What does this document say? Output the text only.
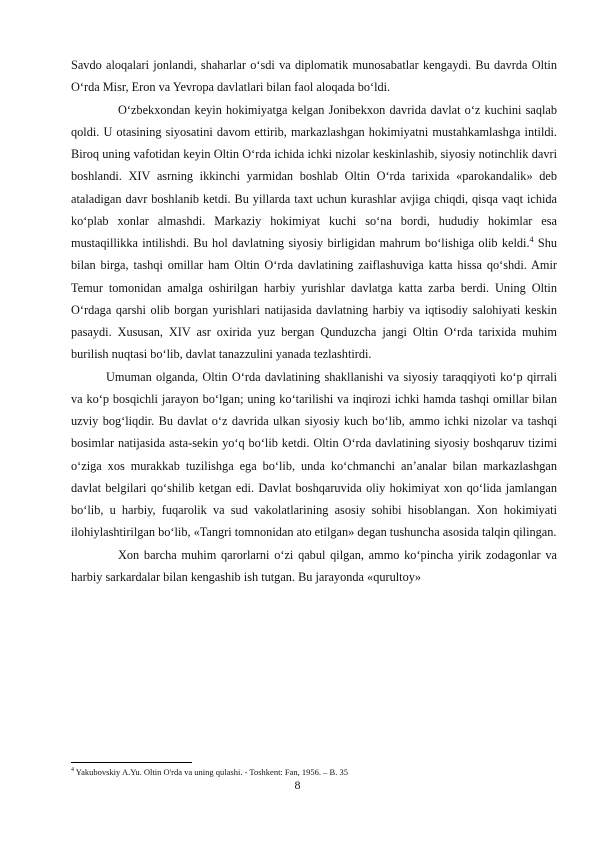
Savdo aloqalari jonlandi, shaharlar o‘sdi va diplomatik munosabatlar kengaydi. Bu davrda Oltin O‘rda Misr, Eron va Yevropa davlatlari bilan faol aloqada bo‘ldi.

O‘zbekxondan keyin hokimiyatga kelgan Jonibekxon davrida davlat o‘z kuchini saqlab qoldi. U otasining siyosatini davom ettirib, markazlashgan hokimiyatni mustahkamlashga intildi. Biroq uning vafotidan keyin Oltin O‘rda ichida ichki nizolar keskinlashib, siyosiy notinchlik davri boshlandi. XIV asrning ikkinchi yarmidan boshlab Oltin O‘rda tarixida «parokandalik» deb ataladigan davr boshlanib ketdi. Bu yillarda taxt uchun kurashlar avjiga chiqdi, qisqa vaqt ichida ko‘plab xonlar almashdi. Markaziy hokimiyat kuchi so‘na bordi, hududiy hokimlar esa mustaqillikka intilishdi. Bu hol davlatning siyosiy birligidan mahrum bo‘lishiga olib keldi.$^4$ Shu bilan birga, tashqi omillar ham Oltin O‘rda davlatining zaiflashuviga katta hissa qo‘shdi. Amir Temur tomonidan amalga oshirilgan harbiy yurishlar davlatga katta zarba berdi. Uning Oltin O‘rdaga qarshi olib borgan yurishlari natijasida davlatning harbiy va iqtisodiy salohiyati keskin pasaydi. Xususan, XIV asr oxirida yuz bergan Qunduzcha jangi Oltin O‘rda tarixida muhim burilish nuqtasi bo‘lib, davlat tanazzulini yanada tezlashtirdi.

Umuman olganda, Oltin O‘rda davlatining shakllanishi va siyosiy taraqqiyoti ko‘p qirrali va ko‘p bosqichli jarayon bo‘lgan; uning ko‘tarilishi va inqirozi ichki hamda tashqi omillar bilan uzviy bog‘liqdir. Bu davlat o‘z davrida ulkan siyosiy kuch bo‘lib, ammo ichki nizolar va tashqi bosimlar natijasida asta-sekin yo‘q bo‘lib ketdi. Oltin O‘rda davlatining siyosiy boshqaruv tizimi o‘ziga xos murakkab tuzilishga ega bo‘lib, unda ko‘chmanchi an’analar bilan markazlashgan davlat belgilari qo‘shilib ketgan edi. Davlat boshqaruvida oliy hokimiyat xon qo‘lida jamlangan bo‘lib, u harbiy, fuqarolik va sud vakolatlarining asosiy sohibi hisoblangan. Xon hokimiyati ilohiylashtirilgan bo‘lib, «Tangri tomnonidan ato etilgan» degan tushuncha asosida talqin qilingan.

Xon barcha muhim qarorlarni o‘zi qabul qilgan, ammo ko‘pincha yirik zodagonlar va harbiy sarkardalar bilan kengashib ish tutgan. Bu jarayonda «qurultoy»

$^4$ Yakubovskiy A.Yu. Oltin O'rda va uning qulashi. - Toshkent: Fan, 1956. – B. 35
8
